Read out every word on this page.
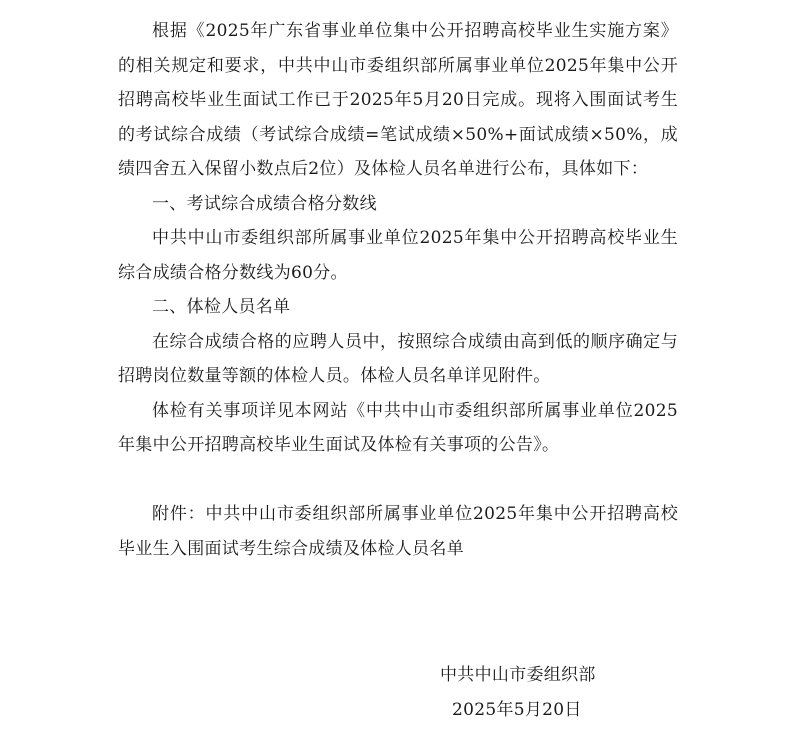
根据《2025年广东省事业单位集中公开招聘高校毕业生实施方案》的相关规定和要求，中共中山市委组织部所属事业单位2025年集中公开招聘高校毕业生面试工作已于2025年5月20日完成。现将入围面试考生的考试综合成绩（考试综合成绩=笔试成绩×50%+面试成绩×50%，成绩四舍五入保留小数点后2位）及体检人员名单进行公布，具体如下：

一、考试综合成绩合格分数线

中共中山市委组织部所属事业单位2025年集中公开招聘高校毕业生综合成绩合格分数线为60分。

二、体检人员名单

在综合成绩合格的应聘人员中，按照综合成绩由高到低的顺序确定与招聘岗位数量等额的体检人员。体检人员名单详见附件。

体检有关事项详见本网站《中共中山市委组织部所属事业单位2025年集中公开招聘高校毕业生面试及体检有关事项的公告》。

附件：中共中山市委组织部所属事业单位2025年集中公开招聘高校毕业生入围面试考生综合成绩及体检人员名单

中共中山市委组织部
2025年5月20日
